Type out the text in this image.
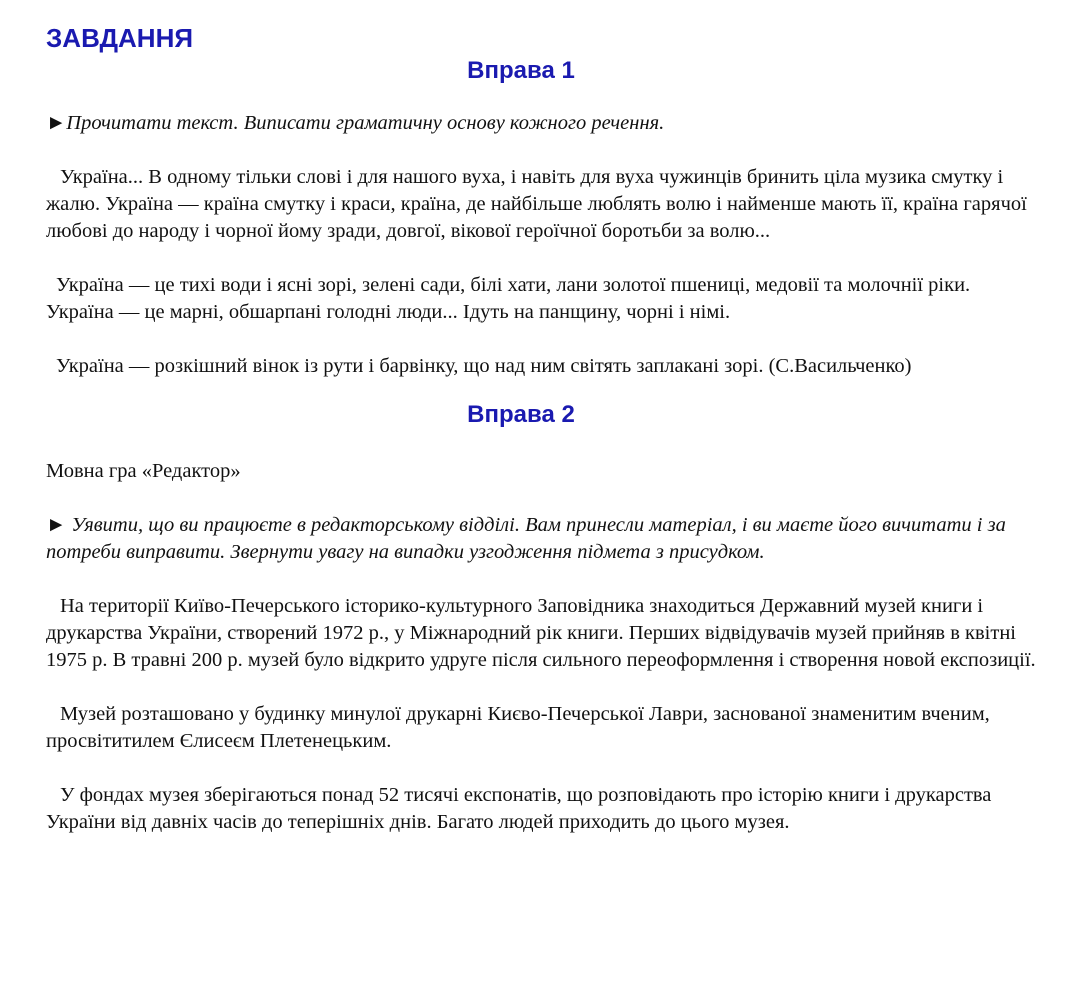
ЗАВДАННЯ
Вправа 1

►Прочитати текст. Виписати граматичну основу кожного речення.

Україна... В одному тільки слові і для нашого вуха, і навіть для вуха чужинців бринить ціла музика смутку і жалю. Україна — країна смутку і краси, країна, де найбільше люблять волю і найменше мають її, країна гарячої любові до народу і чорної йому зради, довгої, вікової героїчної боротьби за волю...

Україна — це тихі води і ясні зорі, зелені сади, білі хати, лани золотої пшениці, медовії та молочнії ріки. Україна — це марні, обшарпані голодні люди... Ідуть на панщину, чорні і німі.

Україна — розкішний вінок із рути і барвінку, що над ним світять заплакані зорі. (С.Васильченко)

Вправа 2

Мовна гра «Редактор»

► Уявити, що ви працюєте в редакторському відділі. Вам принесли матеріал, і ви маєте його вичитати і за потреби виправити. Звернути увагу на випадки узгодження підмета з присудком.

На території Київо-Печерського історико-культурного Заповідника знаходиться Державний музей книги і друкарства України, створений 1972 р., у Міжнародний рік книги. Перших відвідувачів музей прийняв в квітні 1975 р. В травні 200 р. музей було відкрито удруге після сильного переоформлення і створення новой експозиції.

Музей розташовано у будинку минулої друкарні Києво-Печерської Лаври, заснованої знаменитим вченим, просвітитилем Єлисеєм Плетенецьким.

У фондах музея зберігаються понад 52 тисячі експонатів, що розповідають про історію книги і друкарства України від давніх часів до теперішніх днів. Багато людей приходить до цього музея.
